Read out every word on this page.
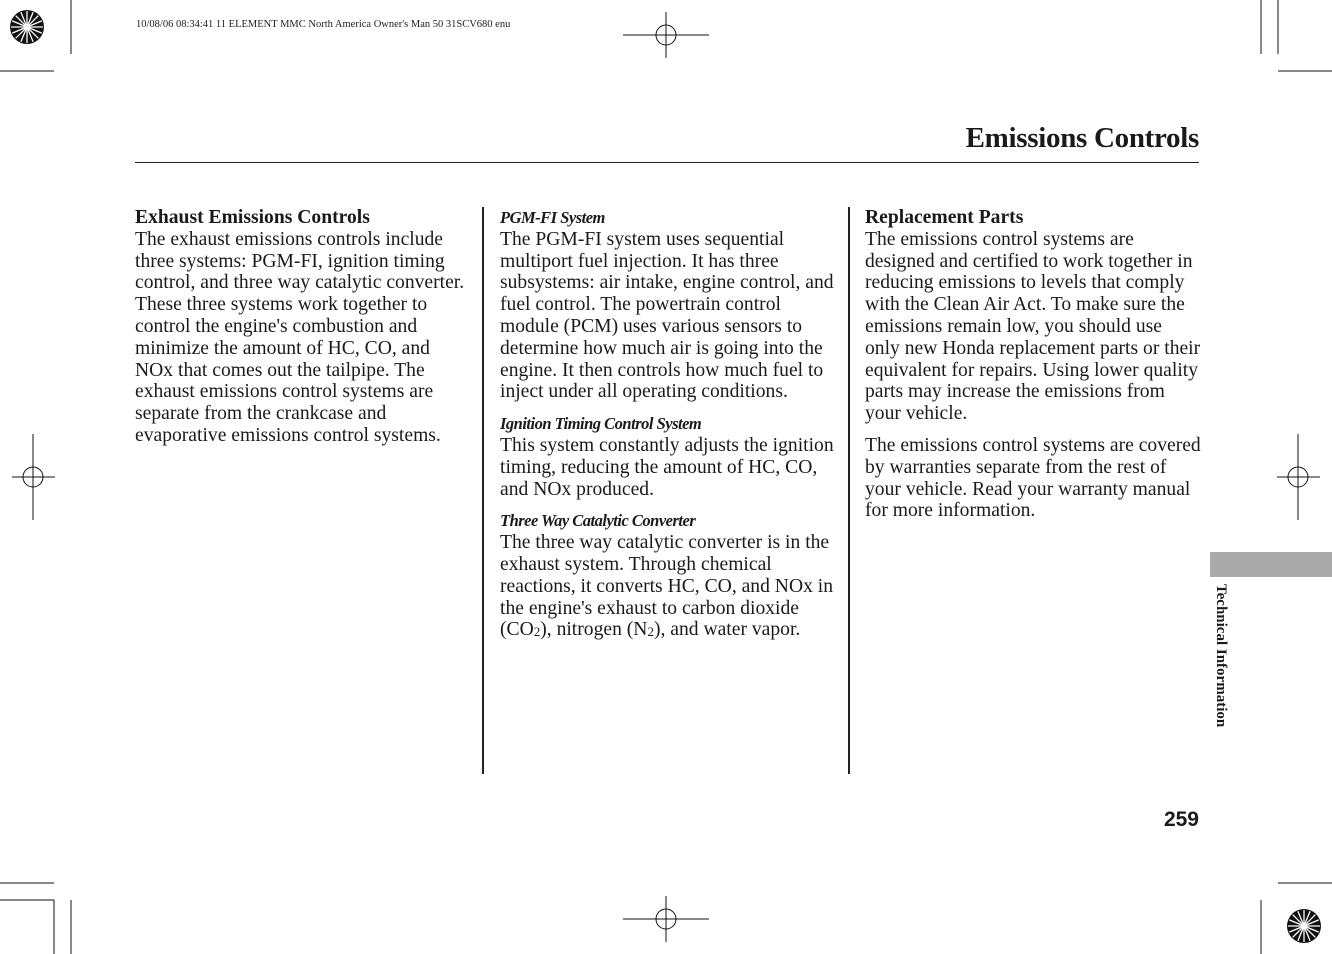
10/08/06 08:34:41 11 ELEMENT MMC North America Owner's Man 50 31SCV680 enu
Emissions Controls

Exhaust Emissions Controls

The exhaust emissions controls include three systems: PGM-FI, ignition timing control, and three way catalytic converter. These three systems work together to control the engine's combustion and minimize the amount of HC, CO, and NOx that comes out the tailpipe. The exhaust emissions control systems are separate from the crankcase and evaporative emissions control systems.

PGM-FI System

The PGM-FI system uses sequential multiport fuel injection. It has three subsystems: air intake, engine control, and fuel control. The powertrain control module (PCM) uses various sensors to determine how much air is going into the engine. It then controls how much fuel to inject under all operating conditions.

Ignition Timing Control System

This system constantly adjusts the ignition timing, reducing the amount of HC, CO, and NOx produced.

Three Way Catalytic Converter

The three way catalytic converter is in the exhaust system. Through chemical reactions, it converts HC, CO, and NOx in the engine's exhaust to carbon dioxide $(CO_2)$, nitrogen $(N_2)$, and water vapor.

Replacement Parts

The emissions control systems are designed and certified to work together in reducing emissions to levels that comply with the Clean Air Act. To make sure the emissions remain low, you should use only new Honda replacement parts or their equivalent for repairs. Using lower quality parts may increase the emissions from your vehicle.

The emissions control systems are covered by warranties separate from the rest of your vehicle. Read your warranty manual for more information.

Technical Information
259
